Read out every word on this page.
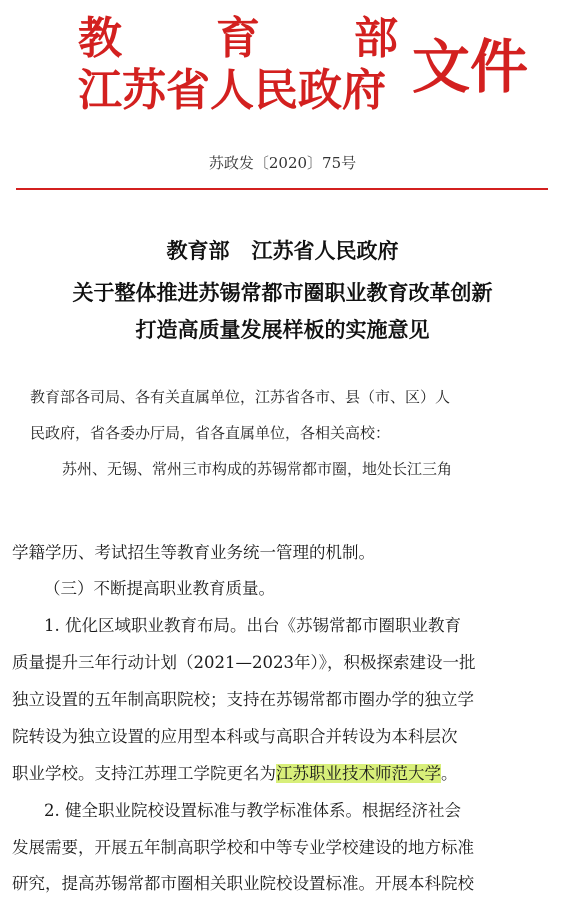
教 育 部
江苏省人民政府 文件
苏政发〔2020〕75号
教育部 江苏省人民政府
关于整体推进苏锡常都市圈职业教育改革创新
打造高质量发展样板的实施意见
教育部各司局、各有关直属单位，江苏省各市、县（市、区）人
民政府，省各委办厅局，省各直属单位，各相关高校：
苏州、无锡、常州三市构成的苏锡常都市圈，地处长江三角
学籍学历、考试招生等教育业务统一管理的机制。
（三）不断提高职业教育质量。
1. 优化区域职业教育布局。出台《苏锡常都市圈职业教育
质量提升三年行动计划（2021—2023年）》，积极探索建设一批
独立设置的五年制高职院校；支持在苏锡常都市圈办学的独立学
院转设为独立设置的应用型本科或与高职合并转设为本科层次
职业学校。支持江苏理工学院更名为江苏职业技术师范大学。
2. 健全职业院校设置标准与教学标准体系。根据经济社会
发展需要，开展五年制高职学校和中等专业学校建设的地方标准
研究，提高苏锡常都市圈相关职业院校设置标准。开展本科院校
